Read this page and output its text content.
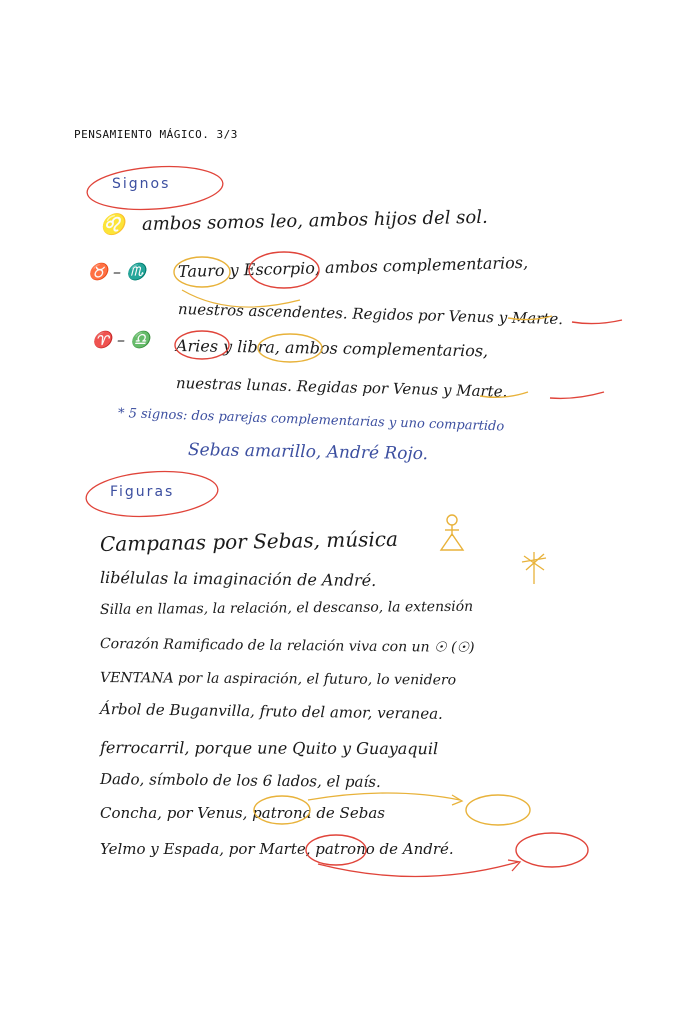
PENSAMIENTO MÁGICO. 3/3
Signos
♌ ambos somos leo, ambos hijos del sol.
♉ – ♏ Tauro y Escorpio, ambos complementarios,
nuestros ascendentes. Regidos por Venus y Marte.
♈ – ♎ Aries y libra, ambos complementarios,
nuestras lunas. Regidas por Venus y Marte.
* 5 signos: dos parejas complementarias y uno compartido
Sebas amarillo, André Rojo.
Figuras
Campanas por Sebas, música
libélulas la imaginación de André.
Silla en llamas, la relación, el descanso, la extensión
Corazón Ramificado de la relación viva con un ☉ (☉)
VENTANA por la aspiración, el futuro, lo venidero
Árbol de Buganvilla, fruto del amor, veranea.
ferrocarril, porque une Quito y Guayaquil
Dado, símbolo de los 6 lados, el país.
Concha, por Venus, patrona de Sebas
Yelmo y Espada, por Marte, patrono de André.
